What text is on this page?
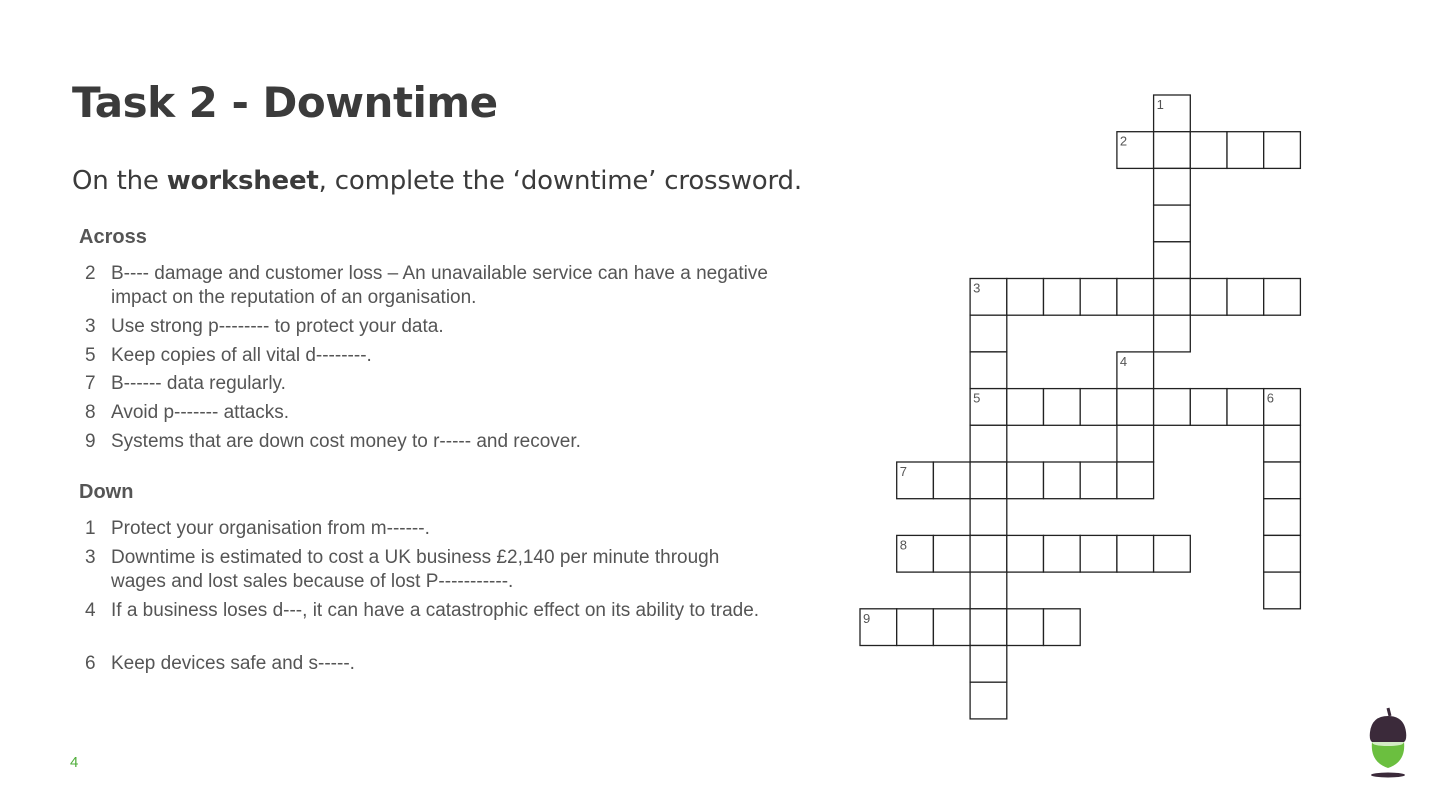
Task 2 - Downtime
On the worksheet, complete the ‘downtime’ crossword.
Across
2 B---- damage and customer loss – An unavailable service can have a negative impact on the reputation of an organisation.
3 Use strong p-------- to protect your data.
5 Keep copies of all vital d--------.
7 B------ data regularly.
8 Avoid p------- attacks.
9 Systems that are down cost money to r----- and recover.
Down
1 Protect your organisation from m------.
3 Downtime is estimated to cost a UK business £2,140 per minute through wages and lost sales because of lost P-----------.
4 If a business loses d---, it can have a catastrophic effect on its ability to trade.
6 Keep devices safe and s-----.
1
2
3
4
5	6
7
8
9
4
